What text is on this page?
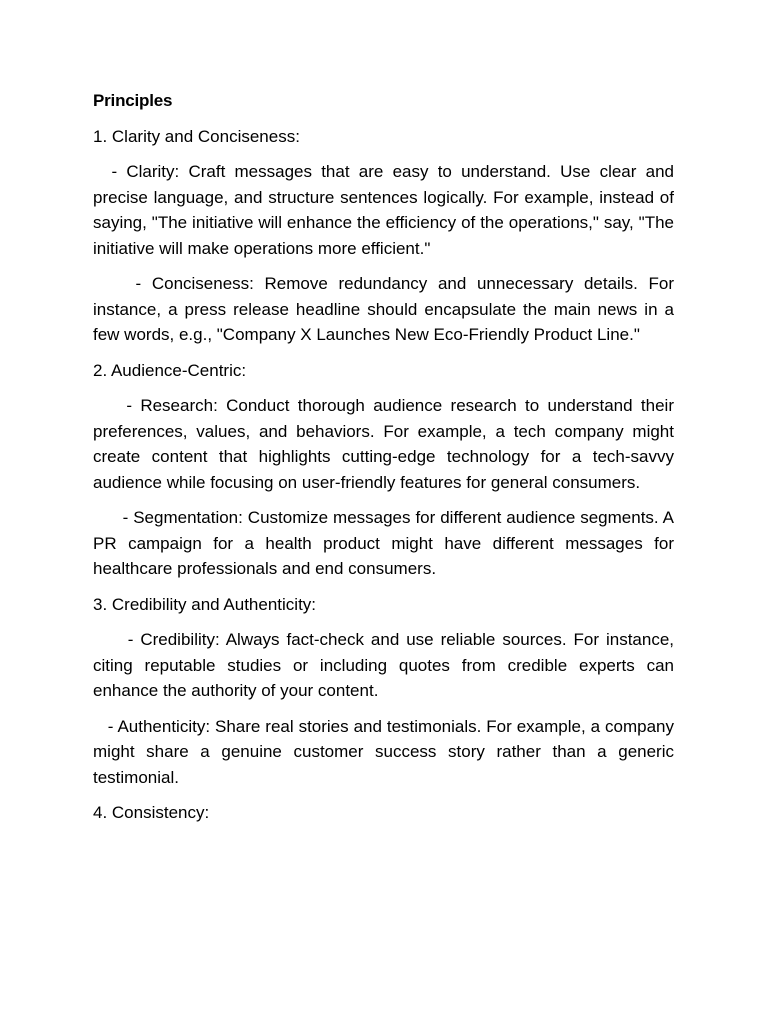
Principles
1. Clarity and Conciseness:
- Clarity: Craft messages that are easy to understand. Use clear and precise language, and structure sentences logically. For example, instead of saying, "The initiative will enhance the efficiency of the operations," say, "The initiative will make operations more efficient."
- Conciseness: Remove redundancy and unnecessary details. For instance, a press release headline should encapsulate the main news in a few words, e.g., "Company X Launches New Eco-Friendly Product Line."
2. Audience-Centric:
- Research: Conduct thorough audience research to understand their preferences, values, and behaviors. For example, a tech company might create content that highlights cutting-edge technology for a tech-savvy audience while focusing on user-friendly features for general consumers.
- Segmentation: Customize messages for different audience segments. A PR campaign for a health product might have different messages for healthcare professionals and end consumers.
3. Credibility and Authenticity:
- Credibility: Always fact-check and use reliable sources. For instance, citing reputable studies or including quotes from credible experts can enhance the authority of your content.
- Authenticity: Share real stories and testimonials. For example, a company might share a genuine customer success story rather than a generic testimonial.
4. Consistency:
